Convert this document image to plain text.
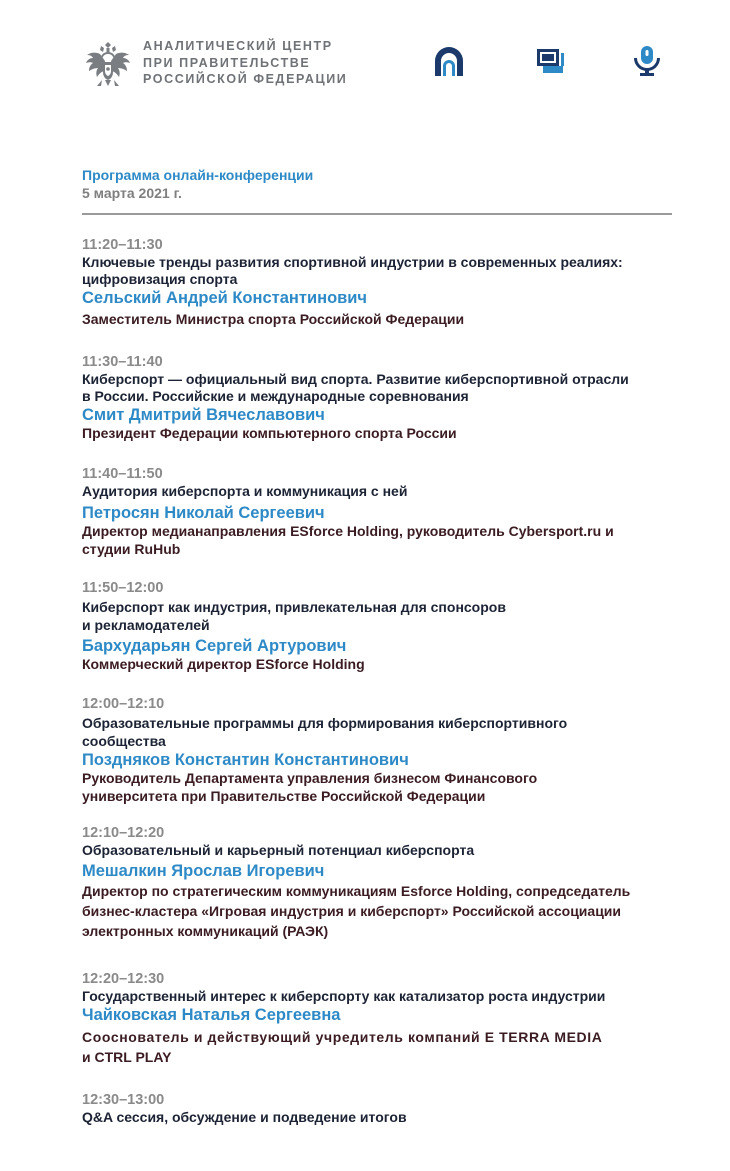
АНАЛИТИЧЕСКИЙ ЦЕНТР
ПРИ ПРАВИТЕЛЬСТВЕ
РОССИЙСКОЙ ФЕДЕРАЦИИ
Программа онлайн-конференции
5 марта 2021 г.
11:20–11:30
Ключевые тренды развития спортивной индустрии в современных реалиях:
цифровизация спорта
Сельский Андрей Константинович
Заместитель Министра спорта Российской Федерации
11:30–11:40
Киберспорт — официальный вид спорта. Развитие киберспортивной отрасли
в России. Российские и международные соревнования
Смит Дмитрий Вячеславович
Президент Федерации компьютерного спорта России
11:40–11:50
Аудитория киберспорта и коммуникация с ней
Петросян Николай Сергеевич
Директор медианаправления ESforce Holding, руководитель Cybersport.ru и
студии RuHub
11:50–12:00
Киберспорт как индустрия, привлекательная для спонсоров
и рекламодателей
Бархударьян Сергей Артурович
Коммерческий директор ESforce Holding
12:00–12:10
Образовательные программы для формирования киберспортивного
сообщества
Поздняков Константин Константинович
Руководитель Департамента управления бизнесом Финансового
университета при Правительстве Российской Федерации
12:10–12:20
Образовательный и карьерный потенциал киберспорта
Мешалкин Ярослав Игоревич
Директор по стратегическим коммуникациям Esforce Holding, сопредседатель
бизнес-кластера «Игровая индустрия и киберспорт» Российской ассоциации
электронных коммуникаций (РАЭК)
12:20–12:30
Государственный интерес к киберспорту как катализатор роста индустрии
Чайковская Наталья Сергеевна
Сооснователь и действующий учредитель компаний E TERRA MEDIA
и CTRL PLAY
12:30–13:00
Q&A сессия, обсуждение и подведение итогов
